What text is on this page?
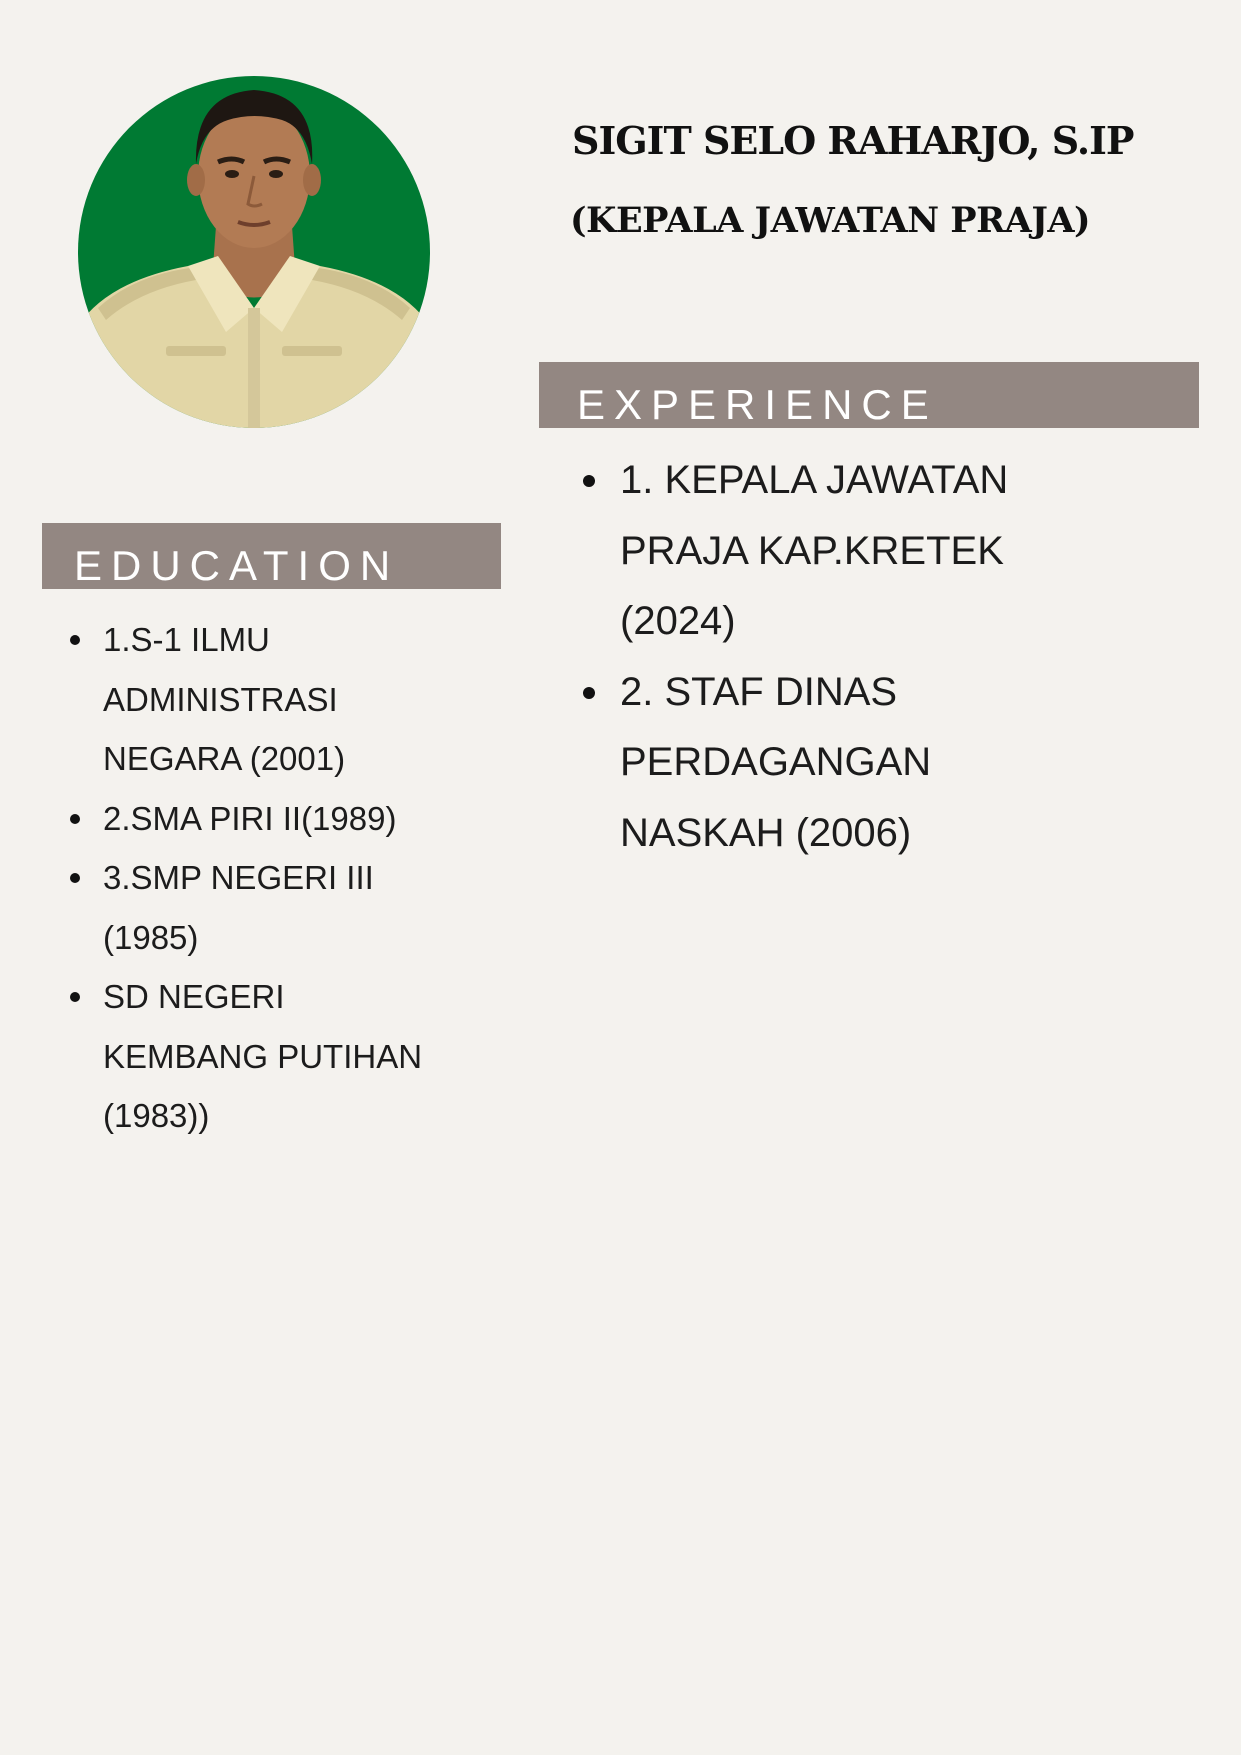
SIGIT SELO RAHARJO, S.IP
(KEPALA JAWATAN PRAJA)
EXPERIENCE
1. KEPALA JAWATAN PRAJA KAP.KRETEK (2024)
2. STAF DINAS PERDAGANGAN NASKAH (2006)
EDUCATION
1.S-1 ILMU ADMINISTRASI NEGARA (2001)
2.SMA PIRI II(1989)
3.SMP NEGERI III (1985)
SD NEGERI KEMBANG PUTIHAN (1983))
